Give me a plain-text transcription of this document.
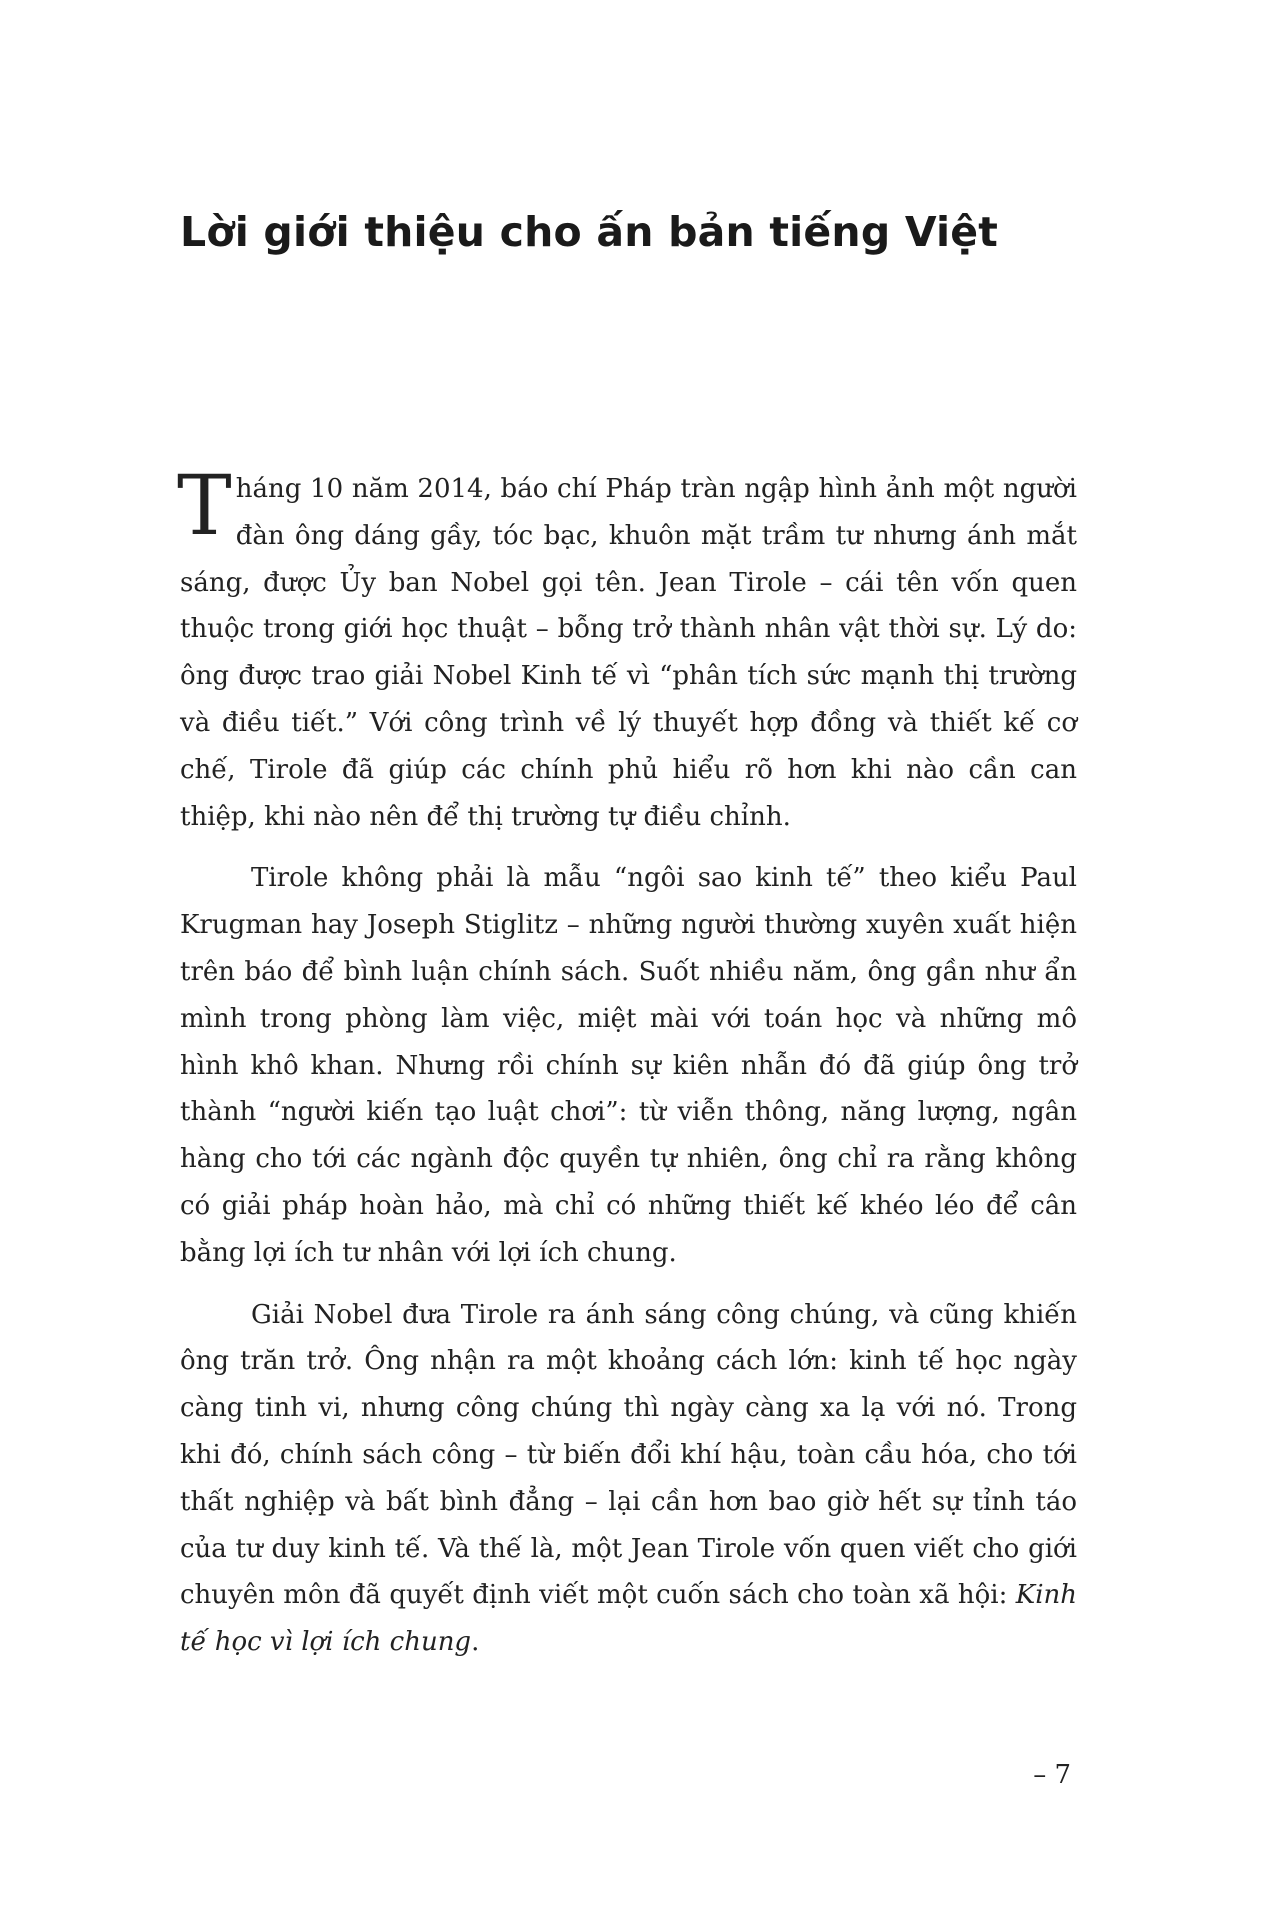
Lời giới thiệu cho ấn bản tiếng Việt

Tháng 10 năm 2014, báo chí Pháp tràn ngập hình ảnh một người đàn ông dáng gầy, tóc bạc, khuôn mặt trầm tư nhưng ánh mắt sáng, được Ủy ban Nobel gọi tên. Jean Tirole – cái tên vốn quen thuộc trong giới học thuật – bỗng trở thành nhân vật thời sự. Lý do: ông được trao giải Nobel Kinh tế vì “phân tích sức mạnh thị trường và điều tiết.” Với công trình về lý thuyết hợp đồng và thiết kế cơ chế, Tirole đã giúp các chính phủ hiểu rõ hơn khi nào cần can thiệp, khi nào nên để thị trường tự điều chỉnh.

Tirole không phải là mẫu “ngôi sao kinh tế” theo kiểu Paul Krugman hay Joseph Stiglitz – những người thường xuyên xuất hiện trên báo để bình luận chính sách. Suốt nhiều năm, ông gần như ẩn mình trong phòng làm việc, miệt mài với toán học và những mô hình khô khan. Nhưng rồi chính sự kiên nhẫn đó đã giúp ông trở thành “người kiến tạo luật chơi”: từ viễn thông, năng lượng, ngân hàng cho tới các ngành độc quyền tự nhiên, ông chỉ ra rằng không có giải pháp hoàn hảo, mà chỉ có những thiết kế khéo léo để cân bằng lợi ích tư nhân với lợi ích chung.

Giải Nobel đưa Tirole ra ánh sáng công chúng, và cũng khiến ông trăn trở. Ông nhận ra một khoảng cách lớn: kinh tế học ngày càng tinh vi, nhưng công chúng thì ngày càng xa lạ với nó. Trong khi đó, chính sách công – từ biến đổi khí hậu, toàn cầu hóa, cho tới thất nghiệp và bất bình đẳng – lại cần hơn bao giờ hết sự tỉnh táo của tư duy kinh tế. Và thế là, một Jean Tirole vốn quen viết cho giới chuyên môn đã quyết định viết một cuốn sách cho toàn xã hội: Kinh tế học vì lợi ích chung.

– 7
